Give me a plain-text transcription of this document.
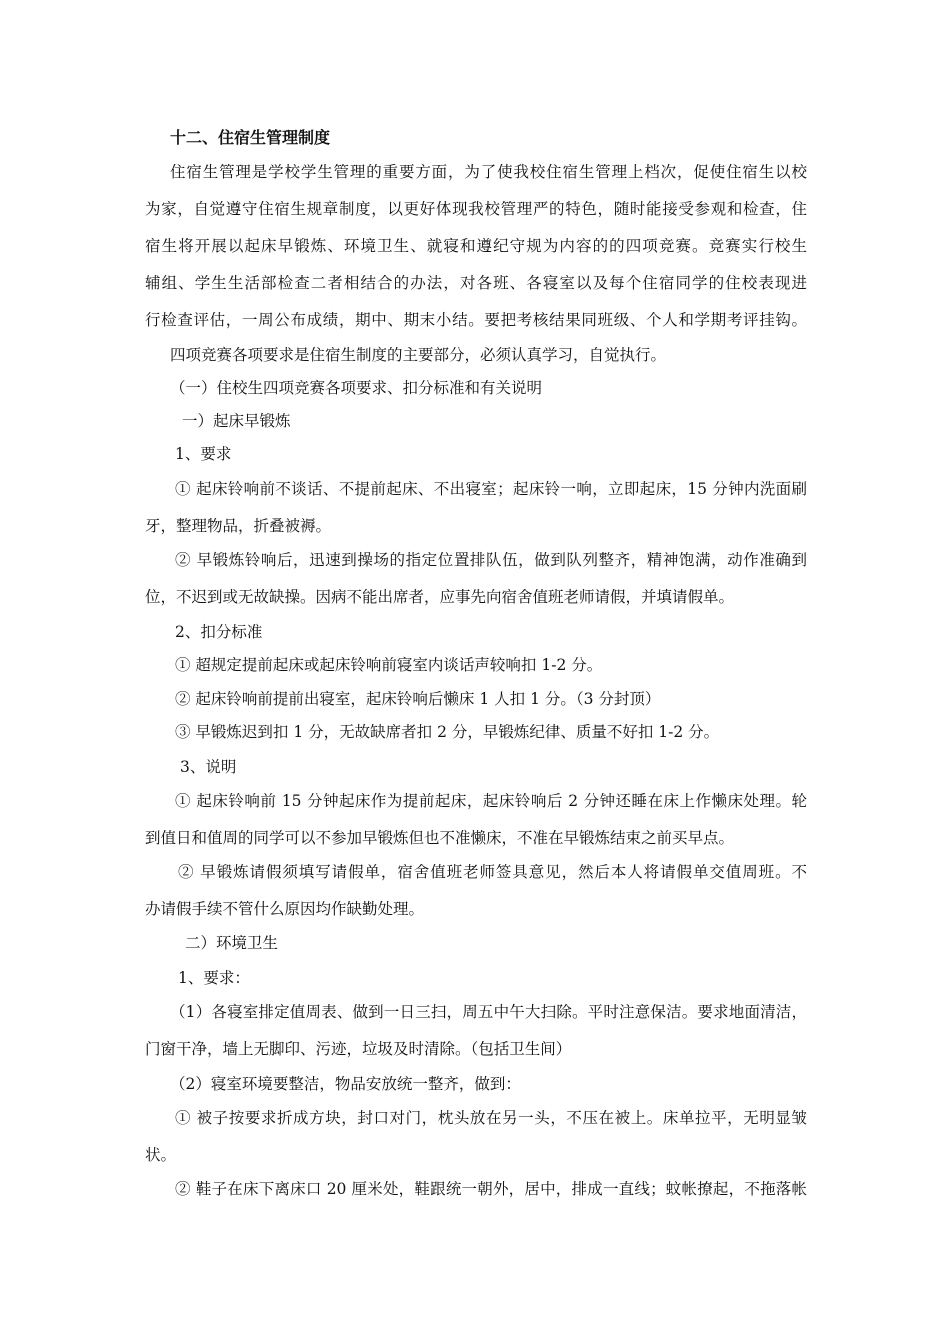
十二、住宿生管理制度
住宿生管理是学校学生管理的重要方面，为了使我校住宿生管理上档次，促使住宿生以校
为家，自觉遵守住宿生规章制度，以更好体现我校管理严的特色，随时能接受参观和检查，住
宿生将开展以起床早锻炼、环境卫生、就寝和遵纪守规为内容的的四项竞赛。竞赛实行校生
辅组、学生生活部检查二者相结合的办法，对各班、各寝室以及每个住宿同学的住校表现进
行检查评估，一周公布成绩，期中、期末小结。要把考核结果同班级、个人和学期考评挂钩。
四项竞赛各项要求是住宿生制度的主要部分，必须认真学习，自觉执行。
（一）住校生四项竞赛各项要求、扣分标准和有关说明
一）起床早锻炼
1、要求
① 起床铃响前不谈话、不提前起床、不出寝室；起床铃一响，立即起床，15 分钟内洗面刷
牙，整理物品，折叠被褥。
② 早锻炼铃响后，迅速到操场的指定位置排队伍，做到队列整齐，精神饱满，动作准确到
位，不迟到或无故缺操。因病不能出席者，应事先向宿舍值班老师请假，并填请假单。
2、扣分标准
① 超规定提前起床或起床铃响前寝室内谈话声较响扣 1-2 分。
② 起床铃响前提前出寝室，起床铃响后懒床 1 人扣 1 分。（3 分封顶）
③ 早锻炼迟到扣 1 分，无故缺席者扣 2 分，早锻炼纪律、质量不好扣 1-2 分。
3、说明
① 起床铃响前 15 分钟起床作为提前起床，起床铃响后 2 分钟还睡在床上作懒床处理。轮
到值日和值周的同学可以不参加早锻炼但也不准懒床，不准在早锻炼结束之前买早点。
② 早锻炼请假须填写请假单，宿舍值班老师签具意见，然后本人将请假单交值周班。不
办请假手续不管什么原因均作缺勤处理。
二）环境卫生
1、要求：
（1）各寝室排定值周表、做到一日三扫，周五中午大扫除。平时注意保洁。要求地面清洁，
门窗干净，墙上无脚印、污迹，垃圾及时清除。（包括卫生间）
（2）寝室环境要整洁，物品安放统一整齐，做到：
① 被子按要求折成方块，封口对门，枕头放在另一头，不压在被上。床单拉平，无明显皱
状。
② 鞋子在床下离床口 20 厘米处，鞋跟统一朝外，居中，排成一直线；蚊帐撩起，不拖落帐
